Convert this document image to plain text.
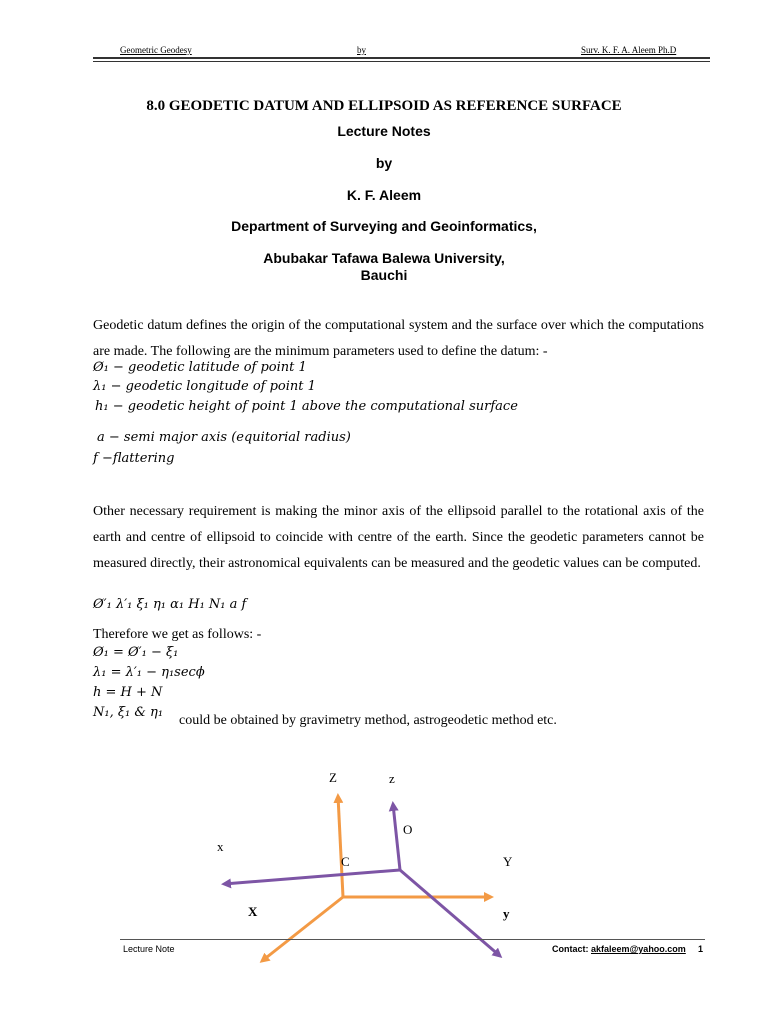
Geometric Geodesy	by	Surv. K. F. A. Aleem Ph.D
8.0 GEODETIC DATUM AND ELLIPSOID AS REFERENCE SURFACE
Lecture Notes
by
K. F. Aleem
Department of Surveying and Geoinformatics,
Abubakar Tafawa Balewa University,
Bauchi
Geodetic datum defines the origin of the computational system and the surface over which the computations are made. The following are the minimum parameters used to define the datum: -
Ø₁ − geodetic latitude of point 1
λ₁ − geodetic longitude of point 1
h₁ − geodetic height of point 1 above the computational surface
a − semi major axis (equitorial radius)
f −flattering
Other necessary requirement is making the minor axis of the ellipsoid parallel to the rotational axis of the earth and centre of ellipsoid to coincide with centre of the earth. Since the geodetic parameters cannot be measured directly, their astronomical equivalents can be measured and the geodetic values can be computed.
Ø′₁ λ′₁ ξ₁ η₁ α₁ H₁ N₁ a f
Therefore we get as follows: -
Ø₁ = Ø′₁ − ξ₁
λ₁ = λ′₁ − η₁secϕ
h = H + N
N₁, ξ₁ & η₁
could be obtained by gravimetry method, astrogeodetic method etc.
Z	z
O
x
C	Y
X	y
Lecture Note	Contact: akfaleem@yahoo.com 1
